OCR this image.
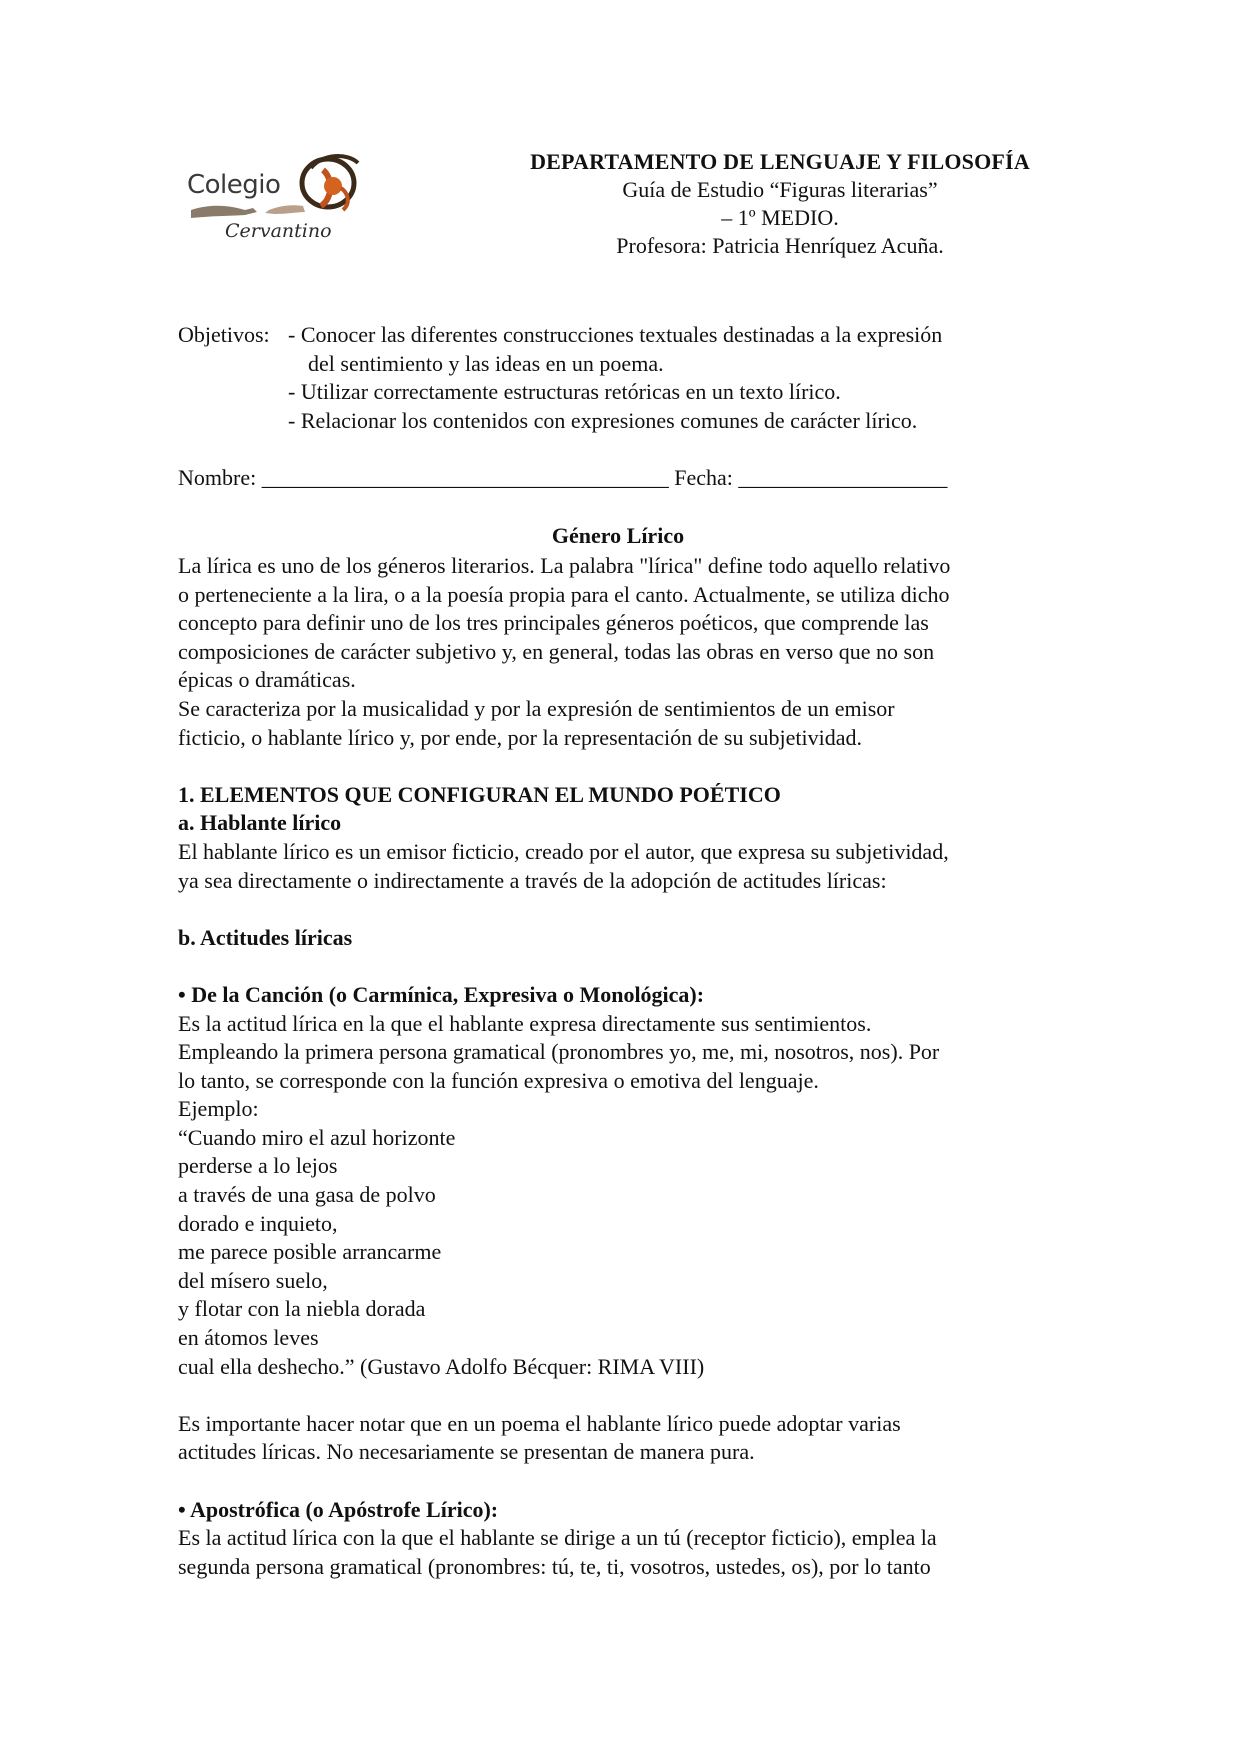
Colegio
Cervantino
DEPARTAMENTO DE LENGUAJE Y FILOSOFÍA
Guía de Estudio “Figuras literarias”
– 1º MEDIO.
Profesora: Patricia Henríquez Acuña.
Objetivos: - Conocer las diferentes construcciones textuales destinadas a la expresión
del sentimiento y las ideas en un poema.
- Utilizar correctamente estructuras retóricas en un texto lírico.
- Relacionar los contenidos con expresiones comunes de carácter lírico.
Nombre: _____________________________________ Fecha: ___________________
Género Lírico
La lírica es uno de los géneros literarios. La palabra "lírica" define todo aquello relativo
o perteneciente a la lira, o a la poesía propia para el canto. Actualmente, se utiliza dicho
concepto para definir uno de los tres principales géneros poéticos, que comprende las
composiciones de carácter subjetivo y, en general, todas las obras en verso que no son
épicas o dramáticas.
Se caracteriza por la musicalidad y por la expresión de sentimientos de un emisor
ficticio, o hablante lírico y, por ende, por la representación de su subjetividad.
1. ELEMENTOS QUE CONFIGURAN EL MUNDO POÉTICO
a. Hablante lírico
El hablante lírico es un emisor ficticio, creado por el autor, que expresa su subjetividad,
ya sea directamente o indirectamente a través de la adopción de actitudes líricas:
b. Actitudes líricas
• De la Canción (o Carmínica, Expresiva o Monológica):
Es la actitud lírica en la que el hablante expresa directamente sus sentimientos.
Empleando la primera persona gramatical (pronombres yo, me, mi, nosotros, nos). Por
lo tanto, se corresponde con la función expresiva o emotiva del lenguaje.
Ejemplo:
“Cuando miro el azul horizonte
perderse a lo lejos
a través de una gasa de polvo
dorado e inquieto,
me parece posible arrancarme
del mísero suelo,
y flotar con la niebla dorada
en átomos leves
cual ella deshecho.” (Gustavo Adolfo Bécquer: RIMA VIII)
Es importante hacer notar que en un poema el hablante lírico puede adoptar varias
actitudes líricas. No necesariamente se presentan de manera pura.
• Apostrófica (o Apóstrofe Lírico):
Es la actitud lírica con la que el hablante se dirige a un tú (receptor ficticio), emplea la
segunda persona gramatical (pronombres: tú, te, ti, vosotros, ustedes, os), por lo tanto
